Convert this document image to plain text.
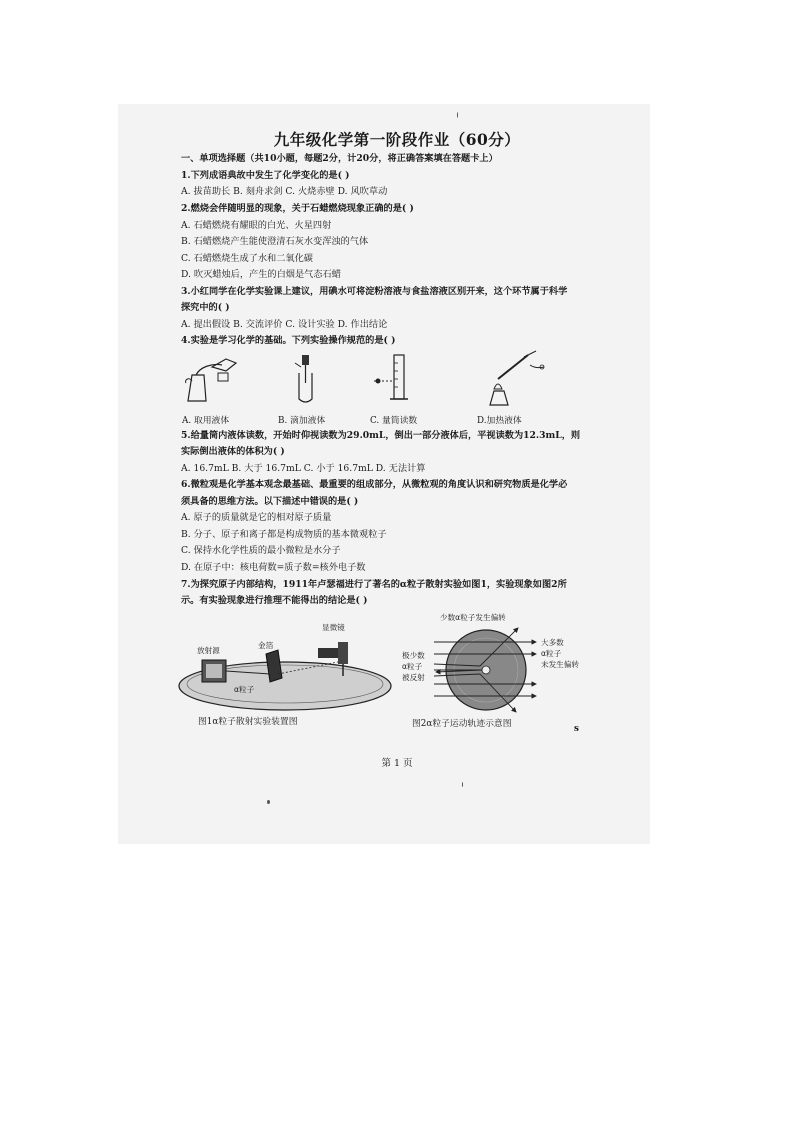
九年级化学第一阶段作业（60分）
一、单项选择题（共10小题，每题2分，计20分，将正确答案填在答题卡上）
1.下列成语典故中发生了化学变化的是( )
A. 拔苗助长 B. 刻舟求剑 C. 火烧赤壁 D. 风吹草动
2.燃烧会伴随明显的现象，关于石蜡燃烧现象正确的是( )
A. 石蜡燃烧有耀眼的白光、火星四射
B. 石蜡燃烧产生能使澄清石灰水变浑浊的气体
C. 石蜡燃烧生成了水和二氧化碳
D. 吹灭蜡烛后，产生的白烟是气态石蜡
3.小红同学在化学实验课上建议，用碘水可将淀粉溶液与食盐溶液区别开来，这个环节属于科学
探究中的( )
A. 提出假设 B. 交流评价 C. 设计实验 D. 作出结论
4.实验是学习化学的基础。下列实验操作规范的是( )
A. 取用液体	B. 滴加液体	C. 量筒读数	D.加热液体
5.给量筒内液体读数，开始时仰视读数为29.0mL，倒出一部分液体后，平视读数为12.3mL，则
实际倒出液体的体积为( )
A. 16.7mL B. 大于 16.7mL C. 小于 16.7mL D. 无法计算
6.微粒观是化学基本观念最基础、最重要的组成部分，从微粒观的角度认识和研究物质是化学必
须具备的思维方法。以下描述中错误的是( )
A. 原子的质量就是它的相对原子质量
B. 分子、原子和离子都是构成物质的基本微观粒子
C. 保持水化学性质的最小微粒是水分子
D. 在原子中：核电荷数=质子数=核外电子数
7.为探究原子内部结构，1911年卢瑟福进行了著名的α粒子散射实验如图1，实验现象如图2所
示。有实验现象进行推理不能得出的结论是( )
放射源
金箔
显微镜
α粒子
图1α粒子散射实验装置图
少数α粒子发生偏转
极少数
α粒子
被反射
大多数
α粒子
未发生偏转
图2α粒子运动轨迹示意图	s
第 1 页
